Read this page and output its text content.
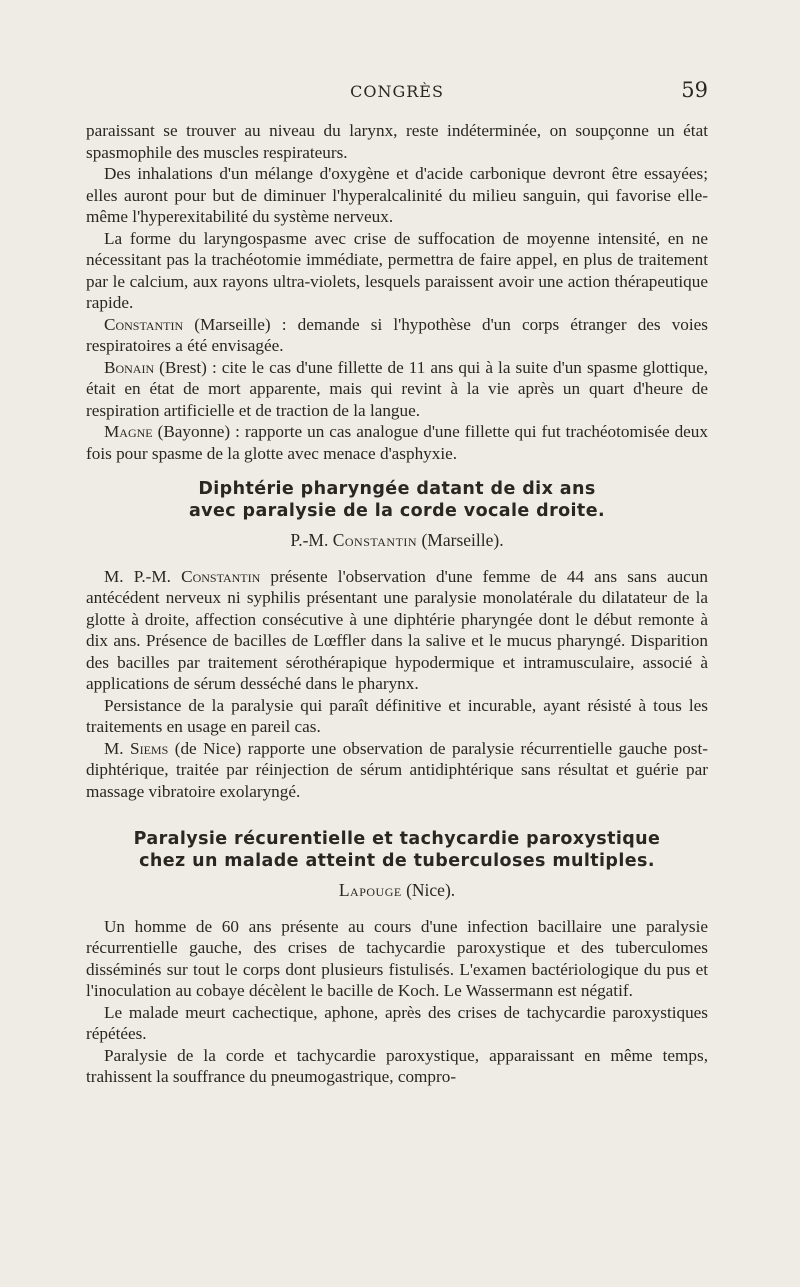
CONGRÈS	59

paraissant se trouver au niveau du larynx, reste indéterminée, on soupçonne un état spasmophile des muscles respirateurs.

Des inhalations d'un mélange d'oxygène et d'acide carbonique devront être essayées; elles auront pour but de diminuer l'hyperalcalinité du milieu sanguin, qui favorise elle-même l'hyperexitabilité du système nerveux.

La forme du laryngospasme avec crise de suffocation de moyenne intensité, en ne nécessitant pas la trachéotomie immédiate, permettra de faire appel, en plus de traitement par le calcium, aux rayons ultra-violets, lesquels paraissent avoir une action thérapeutique rapide.

Constantin (Marseille) : demande si l'hypothèse d'un corps étranger des voies respiratoires a été envisagée.

Bonain (Brest) : cite le cas d'une fillette de 11 ans qui à la suite d'un spasme glottique, était en état de mort apparente, mais qui revint à la vie après un quart d'heure de respiration artificielle et de traction de la langue.

Magne (Bayonne) : rapporte un cas analogue d'une fillette qui fut trachéotomisée deux fois pour spasme de la glotte avec menace d'asphyxie.

Diphtérie pharyngée datant de dix ans
avec paralysie de la corde vocale droite.
P.-M. Constantin (Marseille).

M. P.-M. Constantin présente l'observation d'une femme de 44 ans sans aucun antécédent nerveux ni syphilis présentant une paralysie monolatérale du dilatateur de la glotte à droite, affection consécutive à une diphtérie pharyngée dont le début remonte à dix ans. Présence de bacilles de Lœffler dans la salive et le mucus pharyngé. Disparition des bacilles par traitement sérothérapique hypodermique et intramusculaire, associé à applications de sérum desséché dans le pharynx.

Persistance de la paralysie qui paraît définitive et incurable, ayant résisté à tous les traitements en usage en pareil cas.

M. Siems (de Nice) rapporte une observation de paralysie récurrentielle gauche post-diphtérique, traitée par réinjection de sérum antidiphtérique sans résultat et guérie par massage vibratoire exolaryngé.

Paralysie récurentielle et tachycardie paroxystique
chez un malade atteint de tuberculoses multiples.
Lapouge (Nice).

Un homme de 60 ans présente au cours d'une infection bacillaire une paralysie récurrentielle gauche, des crises de tachycardie paroxystique et des tuberculomes disséminés sur tout le corps dont plusieurs fistulisés. L'examen bactériologique du pus et l'inoculation au cobaye décèlent le bacille de Koch. Le Wassermann est négatif.

Le malade meurt cachectique, aphone, après des crises de tachycardie paroxystiques répétées.

Paralysie de la corde et tachycardie paroxystique, apparaissant en même temps, trahissent la souffrance du pneumogastrique, compro-
